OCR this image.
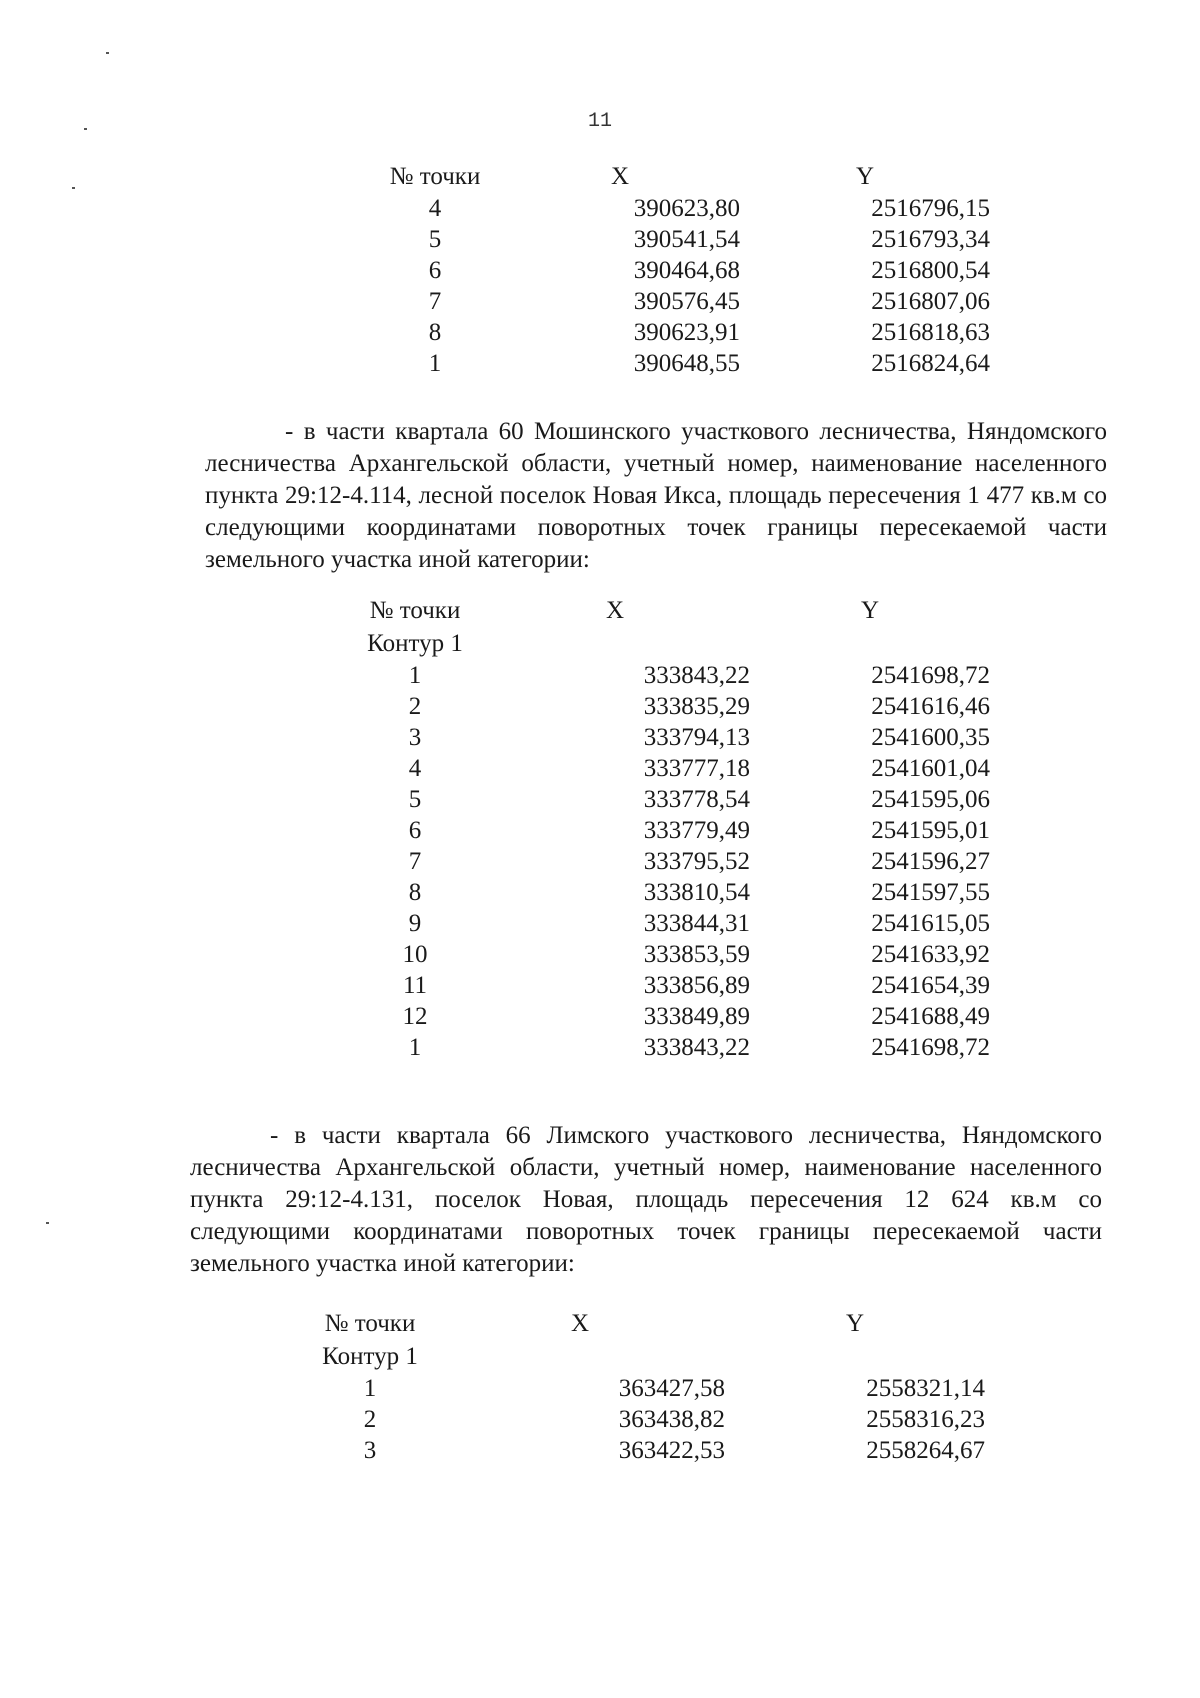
11
№ точки	X	Y
4	390623,80	2516796,15
5	390541,54	2516793,34
6	390464,68	2516800,54
7	390576,45	2516807,06
8	390623,91	2516818,63
1	390648,55	2516824,64

- в части квартала 60 Мошинского участкового лесничества, Няндомского лесничества Архангельской области, учетный номер, наименование населенного пункта 29:12-4.114, лесной поселок Новая Икса, площадь пересечения 1 477 кв.м со следующими координатами поворотных точек границы пересекаемой части земельного участка иной категории:

№ точки	X	Y
Контур 1		
1	333843,22	2541698,72
2	333835,29	2541616,46
3	333794,13	2541600,35
4	333777,18	2541601,04
5	333778,54	2541595,06
6	333779,49	2541595,01
7	333795,52	2541596,27
8	333810,54	2541597,55
9	333844,31	2541615,05
10	333853,59	2541633,92
11	333856,89	2541654,39
12	333849,89	2541688,49
1	333843,22	2541698,72

- в части квартала 66 Лимского участкового лесничества, Няндомского лесничества Архангельской области, учетный номер, наименование населенного пункта 29:12-4.131, поселок Новая, площадь пересечения 12 624 кв.м со следующими координатами поворотных точек границы пересекаемой части земельного участка иной категории:

№ точки	X	Y
Контур 1		
1	363427,58	2558321,14
2	363438,82	2558316,23
3	363422,53	2558264,67
